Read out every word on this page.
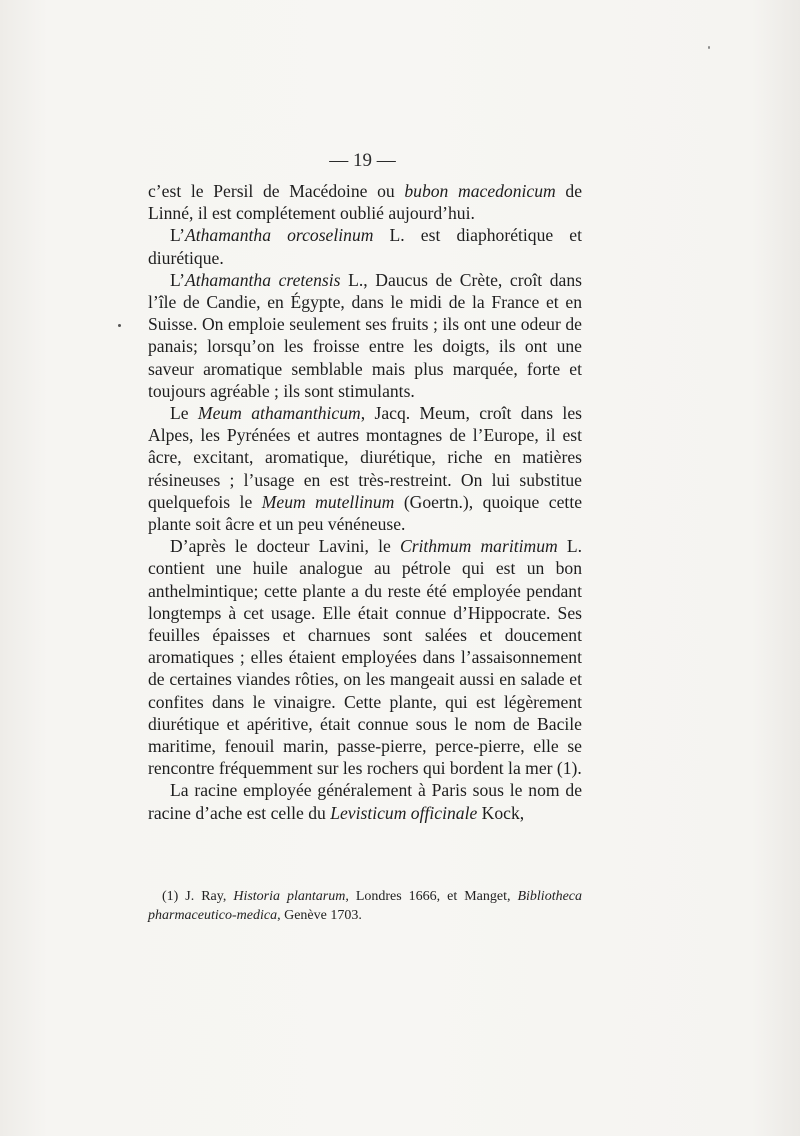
— 19 —

c’est le Persil de Macédoine ou bubon macedonicum de Linné, il est complétement oublié aujourd’hui.

L’Athamantha orcoselinum L. est diaphorétique et diurétique.

L’Athamantha cretensis L., Daucus de Crète, croît dans l’île de Candie, en Égypte, dans le midi de la France et en Suisse. On emploie seulement ses fruits ; ils ont une odeur de panais; lorsqu’on les froisse entre les doigts, ils ont une saveur aromatique semblable mais plus marquée, forte et toujours agréable ; ils sont stimulants.

Le Meum athamanthicum, Jacq. Meum, croît dans les Alpes, les Pyrénées et autres montagnes de l’Europe, il est âcre, excitant, aromatique, diurétique, riche en matières résineuses ; l’usage en est très-restreint. On lui substitue quelquefois le Meum mutellinum (Goertn.), quoique cette plante soit âcre et un peu vénéneuse.

D’après le docteur Lavini, le Crithmum maritimum L. contient une huile analogue au pétrole qui est un bon anthelmintique; cette plante a du reste été employée pendant longtemps à cet usage. Elle était connue d’Hippocrate. Ses feuilles épaisses et charnues sont salées et doucement aromatiques ; elles étaient employées dans l’assaisonnement de certaines viandes rôties, on les mangeait aussi en salade et confites dans le vinaigre. Cette plante, qui est légèrement diurétique et apéritive, était connue sous le nom de Bacile maritime, fenouil marin, passe-pierre, perce-pierre, elle se rencontre fréquemment sur les rochers qui bordent la mer (1).

La racine employée généralement à Paris sous le nom de racine d’ache est celle du Levisticum officinale Kock,

(1) J. Ray, Historia plantarum, Londres 1666, et Manget, Bibliotheca pharmaceutico-medica, Genève 1703.
